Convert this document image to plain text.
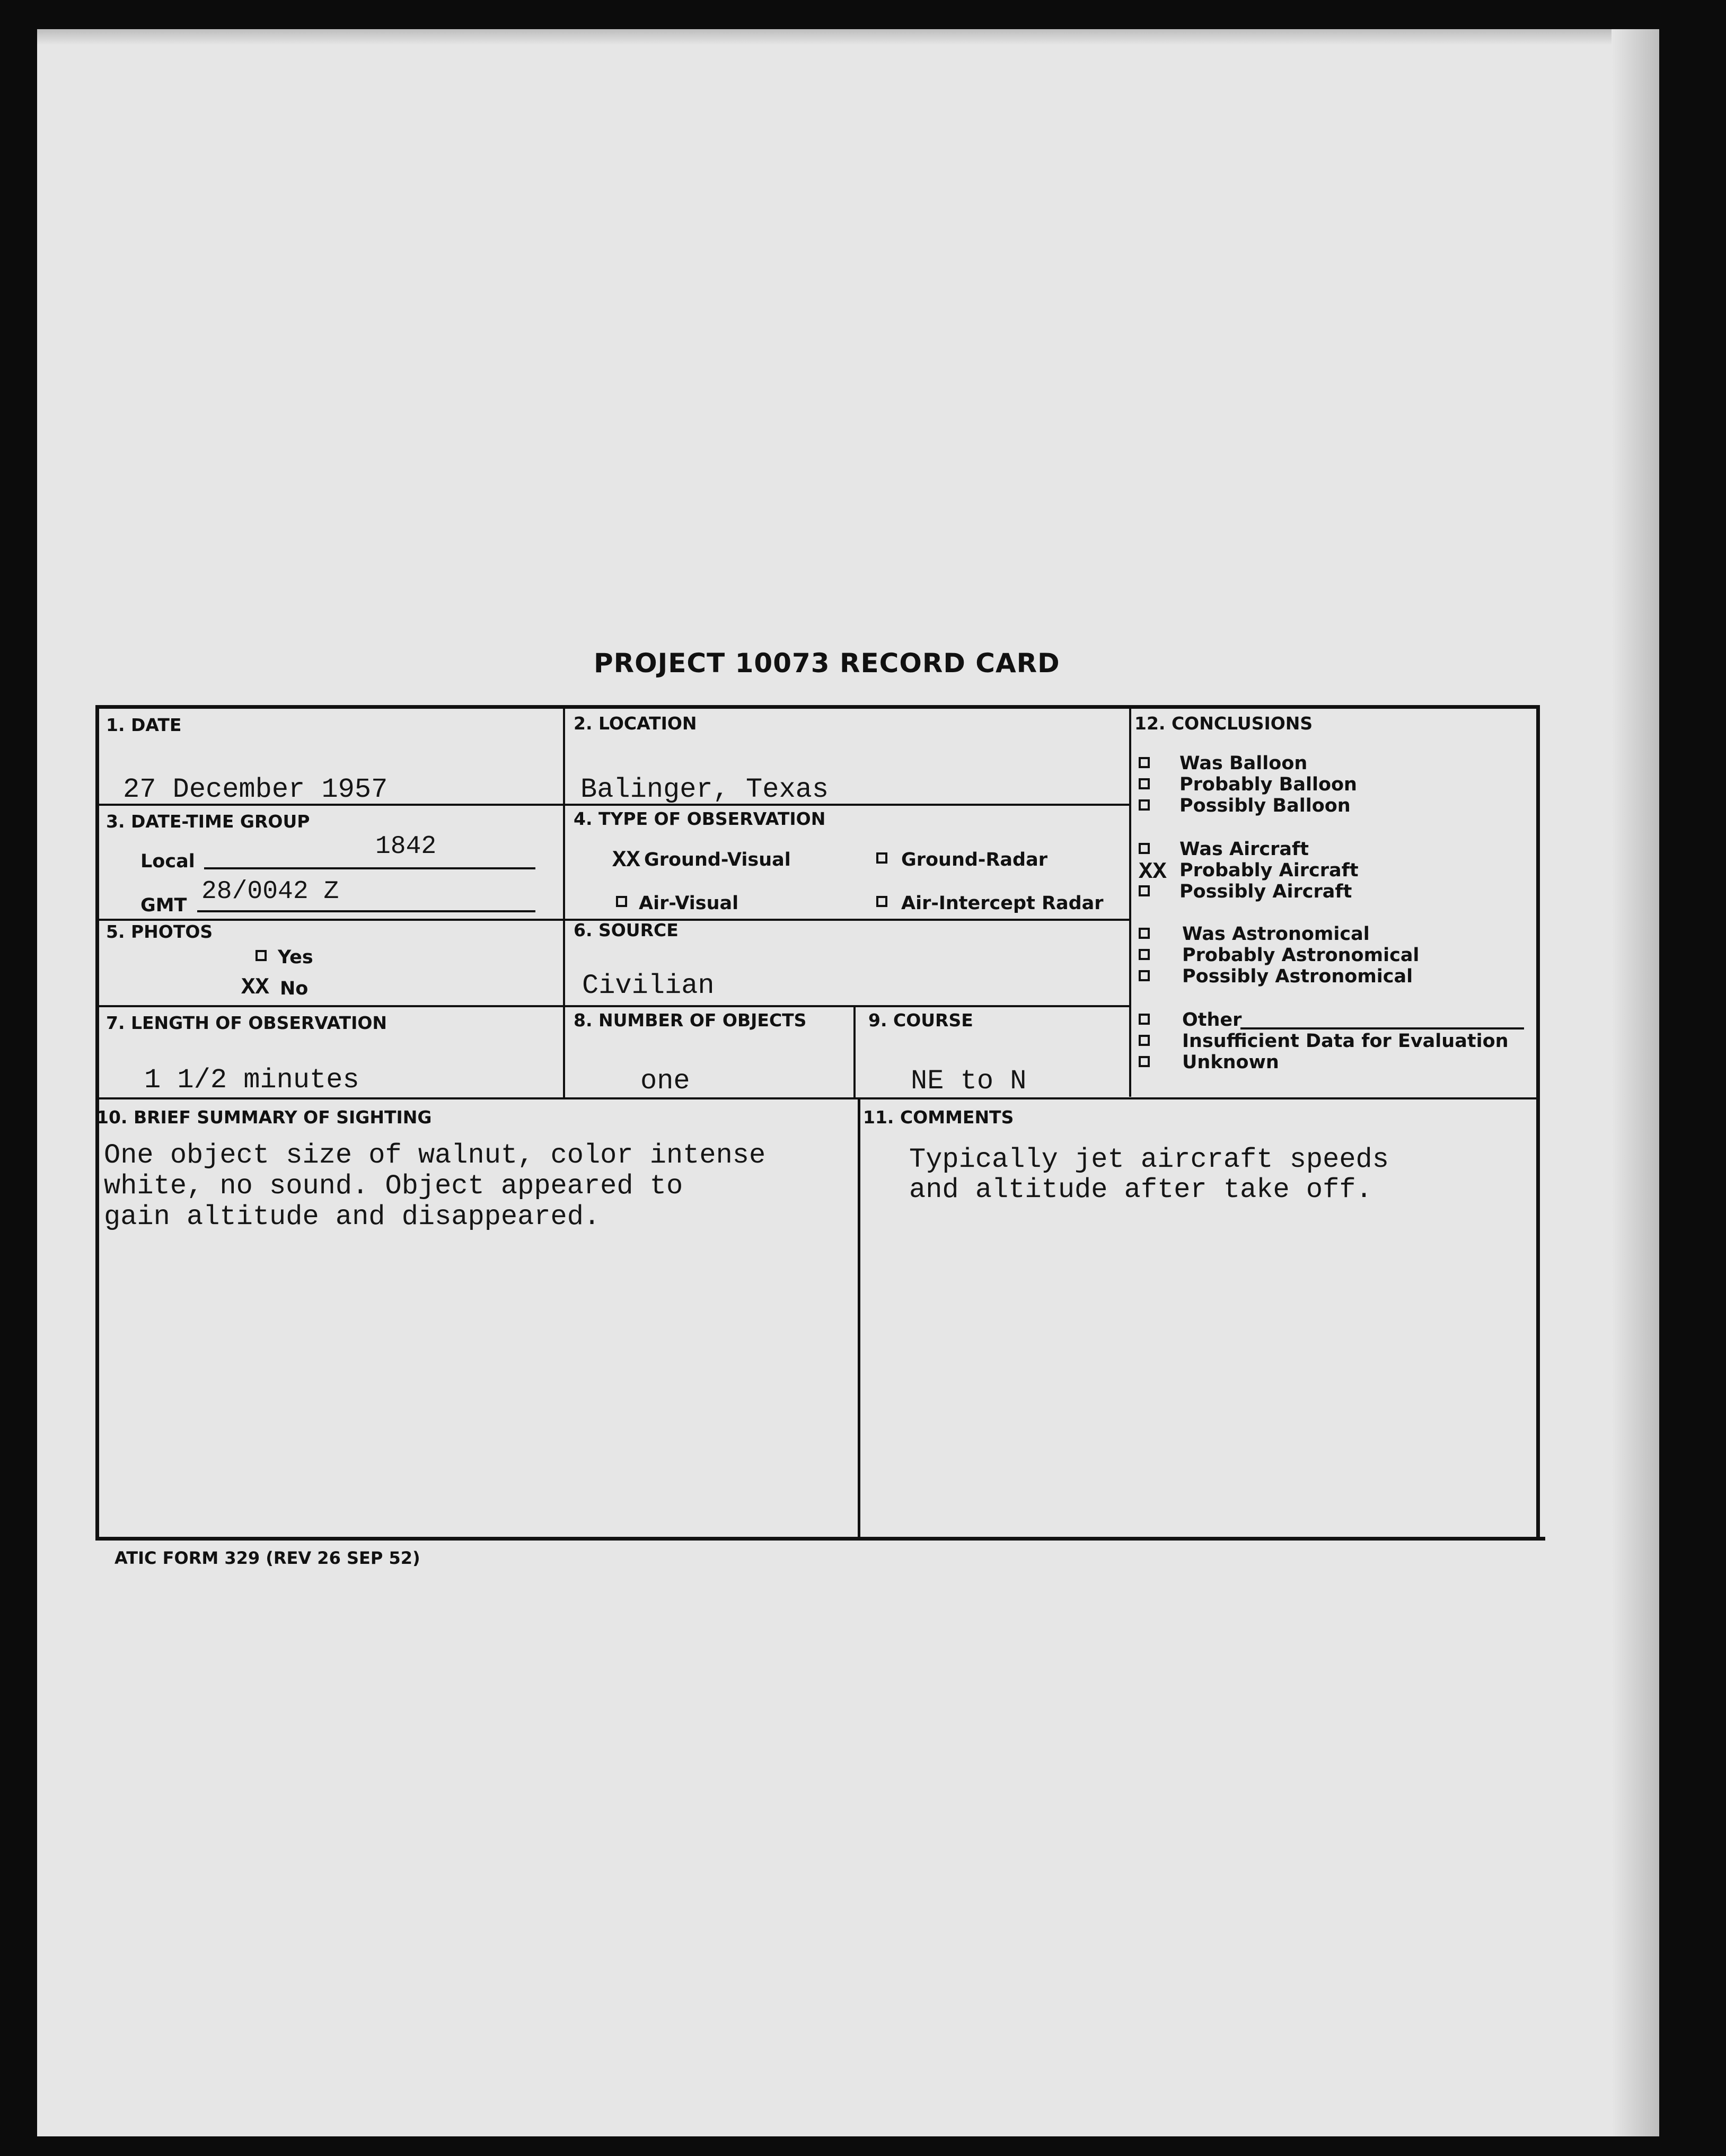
PROJECT 10073 RECORD CARD
1. DATE
27 December 1957
2. LOCATION
Balinger, Texas
3. DATE-TIME GROUP
Local
1842
GMT 28/0042 Z
4. TYPE OF OBSERVATION
XX Ground-Visual	Ground-Radar
Air-Visual	Air-Intercept Radar
5. PHOTOS
Yes
XX No
6. SOURCE
Civilian
7. LENGTH OF OBSERVATION
1 1/2 minutes
8. NUMBER OF OBJECTS
one
9. COURSE
NE to N
10. BRIEF SUMMARY OF SIGHTING
One object size of walnut, color intense
white, no sound. Object appeared to
gain altitude and disappeared.
11. COMMENTS
Typically jet aircraft speeds
and altitude after take off.
12. CONCLUSIONS
Was Balloon
Probably Balloon
Possibly Balloon
Was Aircraft
XX Probably Aircraft
Possibly Aircraft
Was Astronomical
Probably Astronomical
Possibly Astronomical
Other
Insufficient Data for Evaluation
Unknown
ATIC FORM 329 (REV 26 SEP 52)
